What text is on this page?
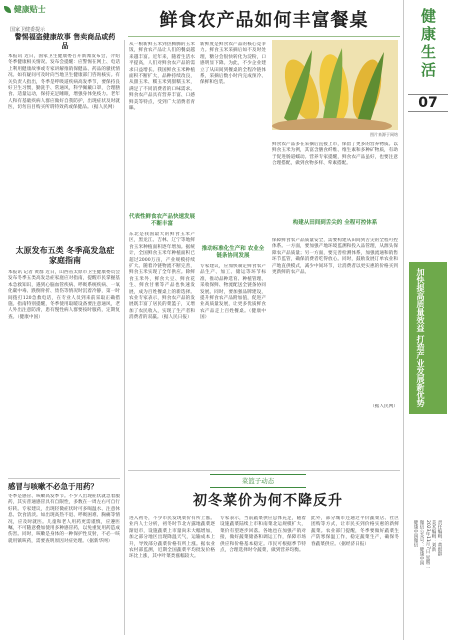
健康贴士
鲜食农产品如何丰富餐桌
国家卫健委提示
警惕福盗健康故事 售卖商品或药品
本报讯 近日，国家卫生健康委召开新闻发布会，介绍冬季健康相关情况。发布会提醒：应警惕在网上、电话上利用健康故事或专家讲解推销保健品、药品的骚扰情况。如有疑问可及时向当地卫生健康部门咨询核实。有关负责人指出，冬季是呼吸道疾病高发季节，要保持良好卫生习惯，勤洗手、常通风，科学佩戴口罩，合理膳食、适量运动，保持充足睡眠，增强身体免疫力。老年人和有基础疾病人群应做好自我防护，出现症状及时就医，切勿盲目购买所谓特效药或保健品。（据人民网）
太原发布五类 冬季高发急症家庭指南
本报讯 记者 黄群 近日，山西省太原市卫生健康委员会发布冬季五类高发急症家庭应对指南，提醒市民掌握基本急救知识，遇到心脑血管疾病、呼吸系统疾病、一氧化碳中毒、跌倒骨折、烫伤等情况时沉着冷静，第一时间拨打120急救电话，在专业人员到来前采取正确措施。指南特别提醒，冬季使用取暖设备要注意通风，老人外出注意防滑，患有慢性病人群要按时服药，定期复查。（健康中国）
感冒与咳嗽不必急于用药？
冬季是感冒、咳嗽高发季节。不少人出现症状就急着服药，其实普通感冒具有自限性，多数在一周左右可自行好转。专家建议，出现轻微症状时可多喝温水、注意休息、饮食清淡。如出现高热不退、呼吸困难、胸痛等情况，应及时就医。儿童和老人用药更需谨慎，应遵医嘱，不可随意叠加使用多种感冒药，以免重复用药造成伤害。同时，咳嗽是身体的一种保护性反射，不必一咳就用镇咳药，需要查明原因对症处理。（据新华网）
从一根新鲜玉米到热腾腾的玉米饭，鲜食农产品让人们的餐桌越来越丰富。近年来，随着生活水平提高，人们对鲜食农产品的需求日益增长。我国鲜食玉米种植面积不断扩大，品种持续改良，从甜玉米、糯玉米到甜糯玉米，满足了不同消费者的口味需求。鲜食农产品具有营养丰富、口感鲜美等特点，受到广大消费者青睐。
代表性鲜食农产品快速发展 不断丰富
东北是我国最大的鲜食玉米产区，黑龙江、吉林、辽宁等地鲜食玉米种植面积逐年增加。据统计，全国鲜食玉米年种植面积已超过2000万亩，产业规模持续扩大。随着冷链物流不断完善，鲜食玉米实现了全年供应。除鲜食玉米外，鲜食大豆、鲜食花生、鲜食甘薯等产品也快速发展，成为百姓餐桌上的新选择。农业专家表示，鲜食农产品的发展既丰富了居民的菜篮子，又增加了农民收入，实现了生产者和消费者的双赢。（据人民日报）
新鲜度是鲜食农产品的核心竞争力。鲜食玉米采摘后如不及时处理，糖分会很快转化为淀粉，口感明显下降。为此，不少企业建立了从田间到餐桌的全程冷链体系，采摘后数小时内完成预冷、保鲜和包装。
推动标准化生产和 农业全链条协同发展
专家建议，应加快制定鲜食农产品生产、加工、储运等环节标准，推动品种选育、种植管理、采收保鲜、物流配送全链条协同发展。同时，要加强品牌建设，提升鲜食农产品附加值，促进产业高质量发展，让更多优质鲜食农产品走上百姓餐桌。（健康中国）
图片来源于网络
鲜食农产品多在采摘后直接上市，保留了更多的营养物质。以鲜食玉米为例，其富含膳食纤维、维生素和多种矿物质，有助于促进肠道蠕动。营养专家提醒，鲜食农产品虽好，也要注意合理搭配，做到食物多样、荤素搭配。
构建从田间到舌尖的 全程可控体系
保障鲜食农产品质量安全，需要构建从田间到舌尖的全程可控体系。一方面，要加强产地环境监测和投入品管理，从源头保障农产品质量；另一方面，要完善检测体系，加强流通和销售环节监管，确保消费者吃得放心。同时，鼓励发展订单农业和产地直供模式，减少中间环节，让消费者以更实惠的价格买到更新鲜的农产品。
（据人民网）
菜篮子动态
初冬菜价为何不降反升
进入初冬，不少市民发现菜价有所上涨。业内人士分析，初冬时节北方露地蔬菜逐渐退市，设施蔬菜上市量尚未大幅增加，加之部分地区出现降温天气，运输成本上升，导致部分蔬菜价格有所上涨。据农业农村部监测，近期全国蔬菜平均批发价格环比上涨，其中叶菜类涨幅较大。
专家表示，当前蔬菜供应总体充足，随着设施蔬菜陆续上市和南菜北运规模扩大，菜价有望逐步回落。各地也在加强产销对接，做好蔬菜储备和调运工作，保障市场供应和价格基本稳定。市民可根据季节特点，合理选择时令蔬菜，做到营养均衡。
此外，部分城市还通过平价蔬菜店、社区团购等方式，让市民买到价格实惠的新鲜蔬菜。农业部门提醒，冬季要做好蔬菜生产防寒保温工作，稳定蔬菜生产，确保冬春蔬菜供应。（据经济日报）
健康生活
07
加快提高质量效益 打造产业发展新优势
责任编辑：黄群群
美术编辑：刘新
2023年11月7日 星期二
微信公众号：健康中国
健康中国微信
